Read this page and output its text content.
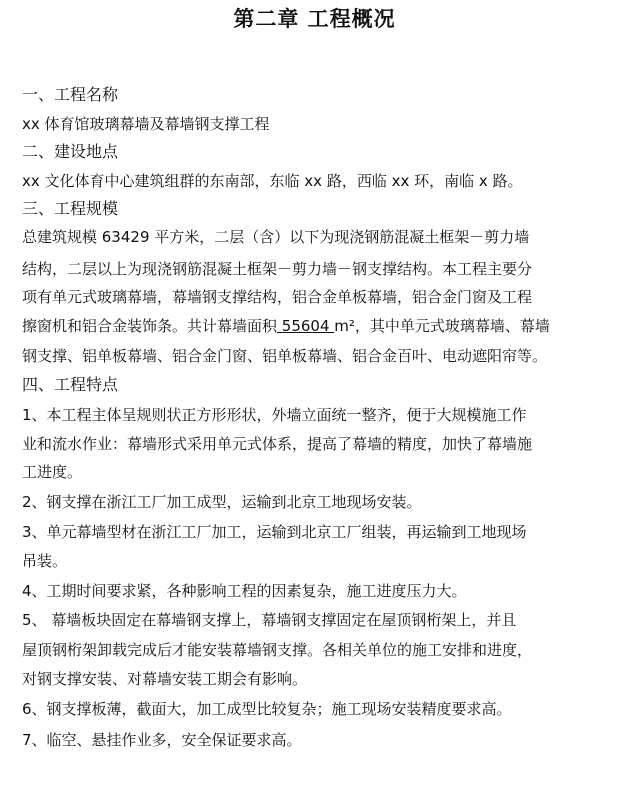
第二章 工程概况
一、工程名称
xx 体育馆玻璃幕墙及幕墙钢支撑工程
二、建设地点
xx 文化体育中心建筑组群的东南部，东临 xx 路，西临 xx 环，南临 x 路。
三、工程规模
总建筑规模 63429 平方米，二层（含）以下为现浇钢筋混凝土框架－剪力墙
结构，二层以上为现浇钢筋混凝土框架－剪力墙－钢支撑结构。本工程主要分
项有单元式玻璃幕墙，幕墙钢支撑结构，铝合金单板幕墙，铝合金门窗及工程
擦窗机和铝合金装饰条。共计幕墙面积 55604 m²，其中单元式玻璃幕墙、幕墙
钢支撑、铝单板幕墙、铝合金门窗、铝单板幕墙、铝合金百叶、电动遮阳帘等。
四、工程特点
1、本工程主体呈规则状正方形形状，外墙立面统一整齐，便于大规模施工作
业和流水作业：幕墙形式采用单元式体系，提高了幕墙的精度，加快了幕墙施
工进度。
2、钢支撑在浙江工厂加工成型，运输到北京工地现场安装。
3、单元幕墙型材在浙江工厂加工，运输到北京工厂组装，再运输到工地现场
吊装。
4、工期时间要求紧，各种影响工程的因素复杂，施工进度压力大。
5、 幕墙板块固定在幕墙钢支撑上，幕墙钢支撑固定在屋顶钢桁架上，并且
屋顶钢桁架卸载完成后才能安装幕墙钢支撑。各相关单位的施工安排和进度，
对钢支撑安装、对幕墙安装工期会有影响。
6、钢支撑板薄，截面大，加工成型比较复杂；施工现场安装精度要求高。
7、临空、悬挂作业多，安全保证要求高。
